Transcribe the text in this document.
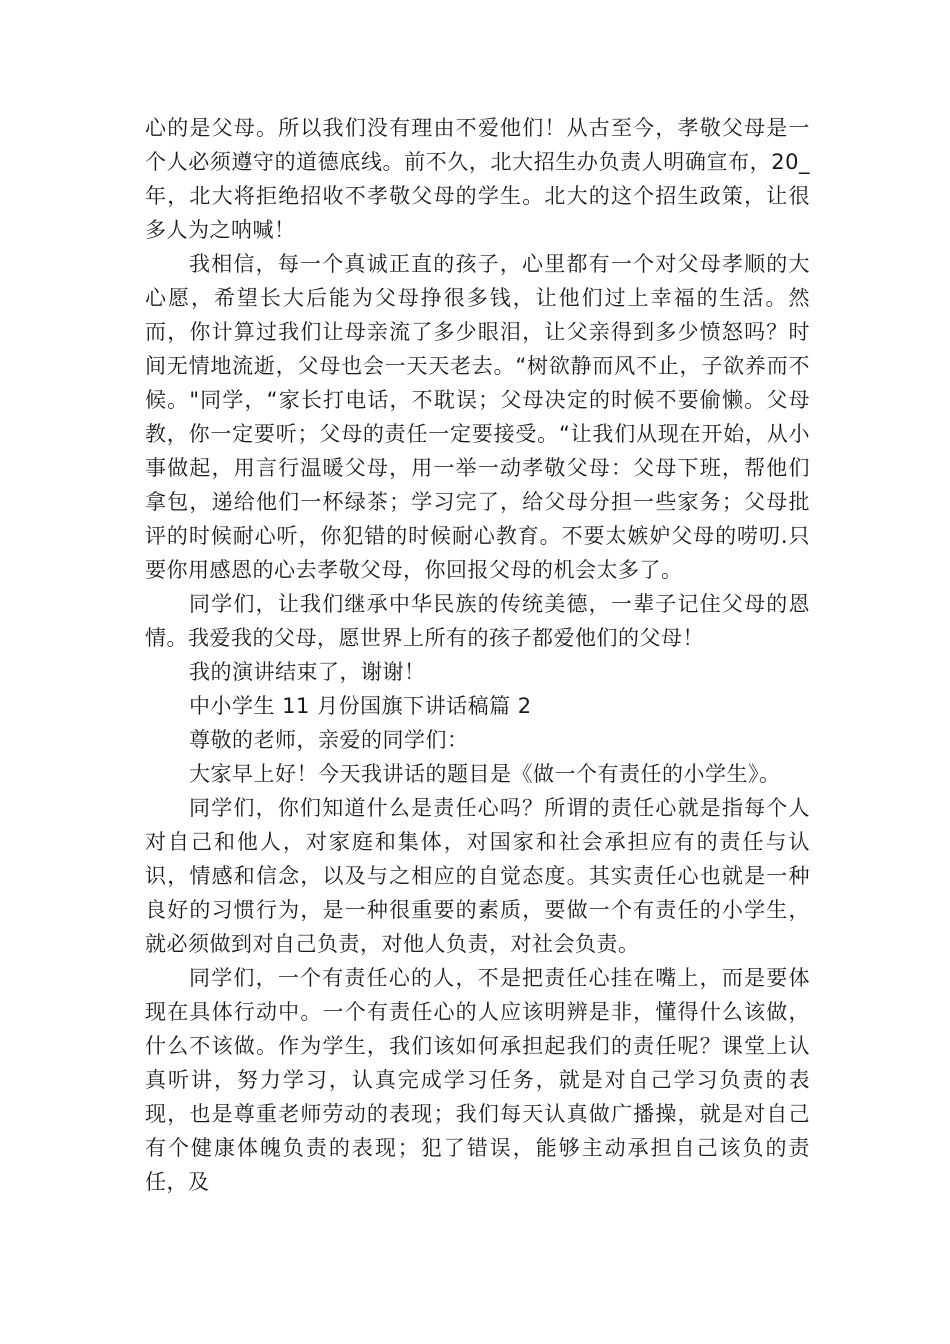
心的是父母。所以我们没有理由不爱他们！从古至今，孝敬父母是一个人必须遵守的道德底线。前不久，北大招生办负责人明确宣布，20_年，北大将拒绝招收不孝敬父母的学生。北大的这个招生政策，让很多人为之呐喊！

我相信，每一个真诚正直的孩子，心里都有一个对父母孝顺的大心愿，希望长大后能为父母挣很多钱，让他们过上幸福的生活。然而，你计算过我们让母亲流了多少眼泪，让父亲得到多少愤怒吗？时间无情地流逝，父母也会一天天老去。“树欲静而风不止，子欲养而不候。"同学，“家长打电话，不耽误；父母决定的时候不要偷懒。父母教，你一定要听；父母的责任一定要接受。“让我们从现在开始，从小事做起，用言行温暖父母，用一举一动孝敬父母：父母下班，帮他们拿包，递给他们一杯绿茶；学习完了，给父母分担一些家务；父母批评的时候耐心听，你犯错的时候耐心教育。不要太嫉妒父母的唠叨.只要你用感恩的心去孝敬父母，你回报父母的机会太多了。

同学们，让我们继承中华民族的传统美德，一辈子记住父母的恩情。我爱我的父母，愿世界上所有的孩子都爱他们的父母！

我的演讲结束了，谢谢！

中小学生 11 月份国旗下讲话稿篇 2

尊敬的老师，亲爱的同学们：

大家早上好！今天我讲话的题目是《做一个有责任的小学生》。

同学们，你们知道什么是责任心吗？所谓的责任心就是指每个人对自己和他人，对家庭和集体，对国家和社会承担应有的责任与认识，情感和信念，以及与之相应的自觉态度。其实责任心也就是一种良好的习惯行为，是一种很重要的素质，要做一个有责任的小学生，就必须做到对自己负责，对他人负责，对社会负责。

同学们，一个有责任心的人，不是把责任心挂在嘴上，而是要体现在具体行动中。一个有责任心的人应该明辨是非，懂得什么该做，什么不该做。作为学生，我们该如何承担起我们的责任呢？课堂上认真听讲，努力学习，认真完成学习任务，就是对自己学习负责的表现，也是尊重老师劳动的表现；我们每天认真做广播操，就是对自己有个健康体魄负责的表现；犯了错误，能够主动承担自己该负的责任，及
